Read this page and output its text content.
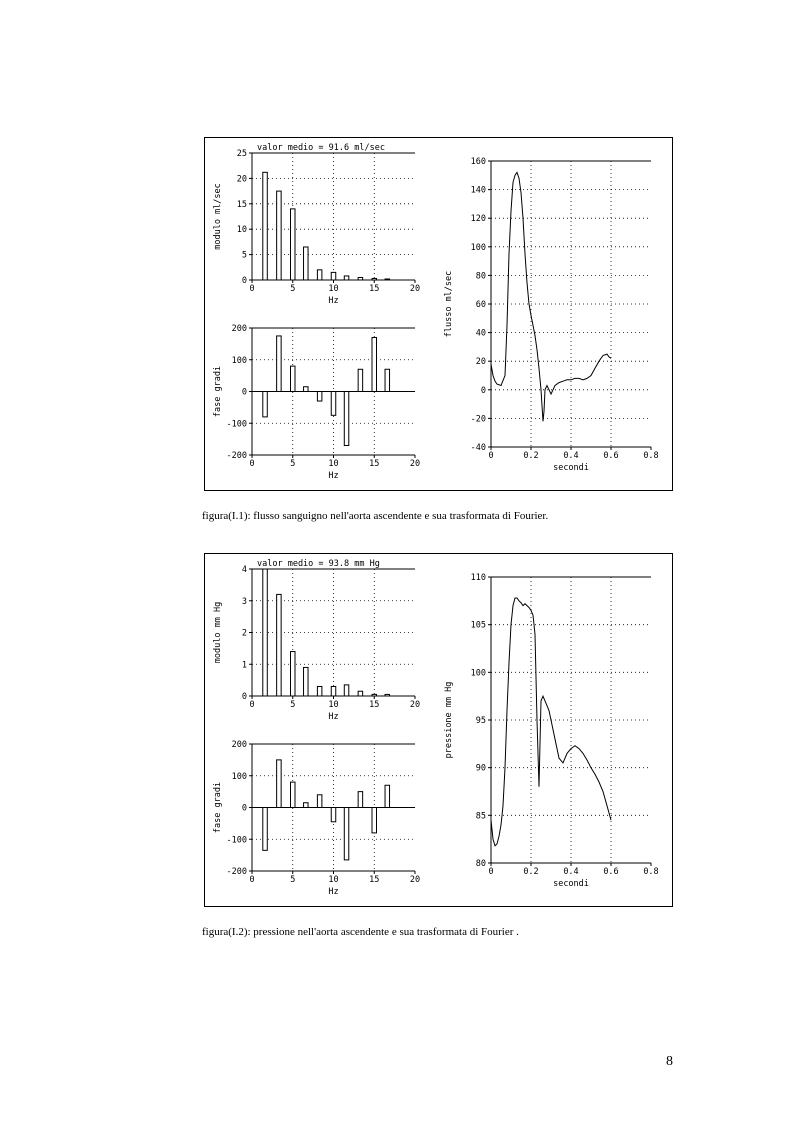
0	5	10	15	20
0
5
10
15
20
25
Hz
modulo ml/sec
valor medio = 91.6 ml/sec
0	5	10	15	20
-200
-100
0
100
200
Hz
fase gradi
0	0.2	0.4	0.6	0.8
-40
-20
0
20
40
60
80
100
120
140
160
secondi
flusso ml/sec
figura(I.1): flusso sanguigno nell'aorta ascendente e sua trasformata di Fourier.
0	5	10	15	20
0
1
2
3
4
Hz
modulo mm Hg
valor medio = 93.8 mm Hg
0	5	10	15	20
-200
-100
0
100
200
Hz
fase gradi
0	0.2	0.4	0.6	0.8
80
85
90
95
100
105
110
secondi
pressione mm Hg
figura(I.2): pressione nell'aorta ascendente e sua trasformata di Fourier .
8
